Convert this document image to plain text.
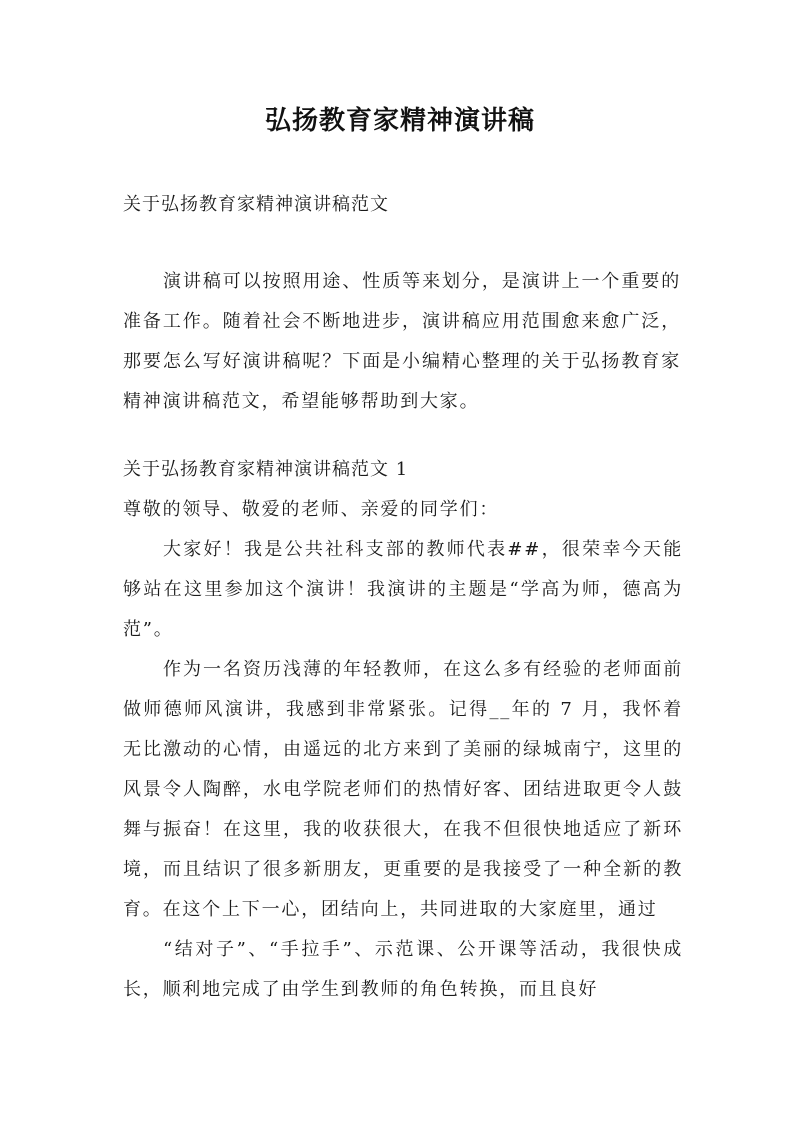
弘扬教育家精神演讲稿
关于弘扬教育家精神演讲稿范文

演讲稿可以按照用途、性质等来划分，是演讲上一个重要的准备工作。随着社会不断地进步，演讲稿应用范围愈来愈广泛，那要怎么写好演讲稿呢？下面是小编精心整理的关于弘扬教育家精神演讲稿范文，希望能够帮助到大家。

关于弘扬教育家精神演讲稿范文 1

尊敬的领导、敬爱的老师、亲爱的同学们：

大家好！我是公共社科支部的教师代表##，很荣幸今天能够站在这里参加这个演讲！我演讲的主题是“学高为师，德高为范”。

作为一名资历浅薄的年轻教师，在这么多有经验的老师面前做师德师风演讲，我感到非常紧张。记得__年的 7 月，我怀着无比激动的心情，由遥远的北方来到了美丽的绿城南宁，这里的风景令人陶醉，水电学院老师们的热情好客、团结进取更令人鼓舞与振奋！在这里，我的收获很大，在我不但很快地适应了新环境，而且结识了很多新朋友，更重要的是我接受了一种全新的教育。在这个上下一心，团结向上，共同进取的大家庭里，通过

“结对子”、“手拉手”、示范课、公开课等活动，我很快成长，顺利地完成了由学生到教师的角色转换，而且良好
